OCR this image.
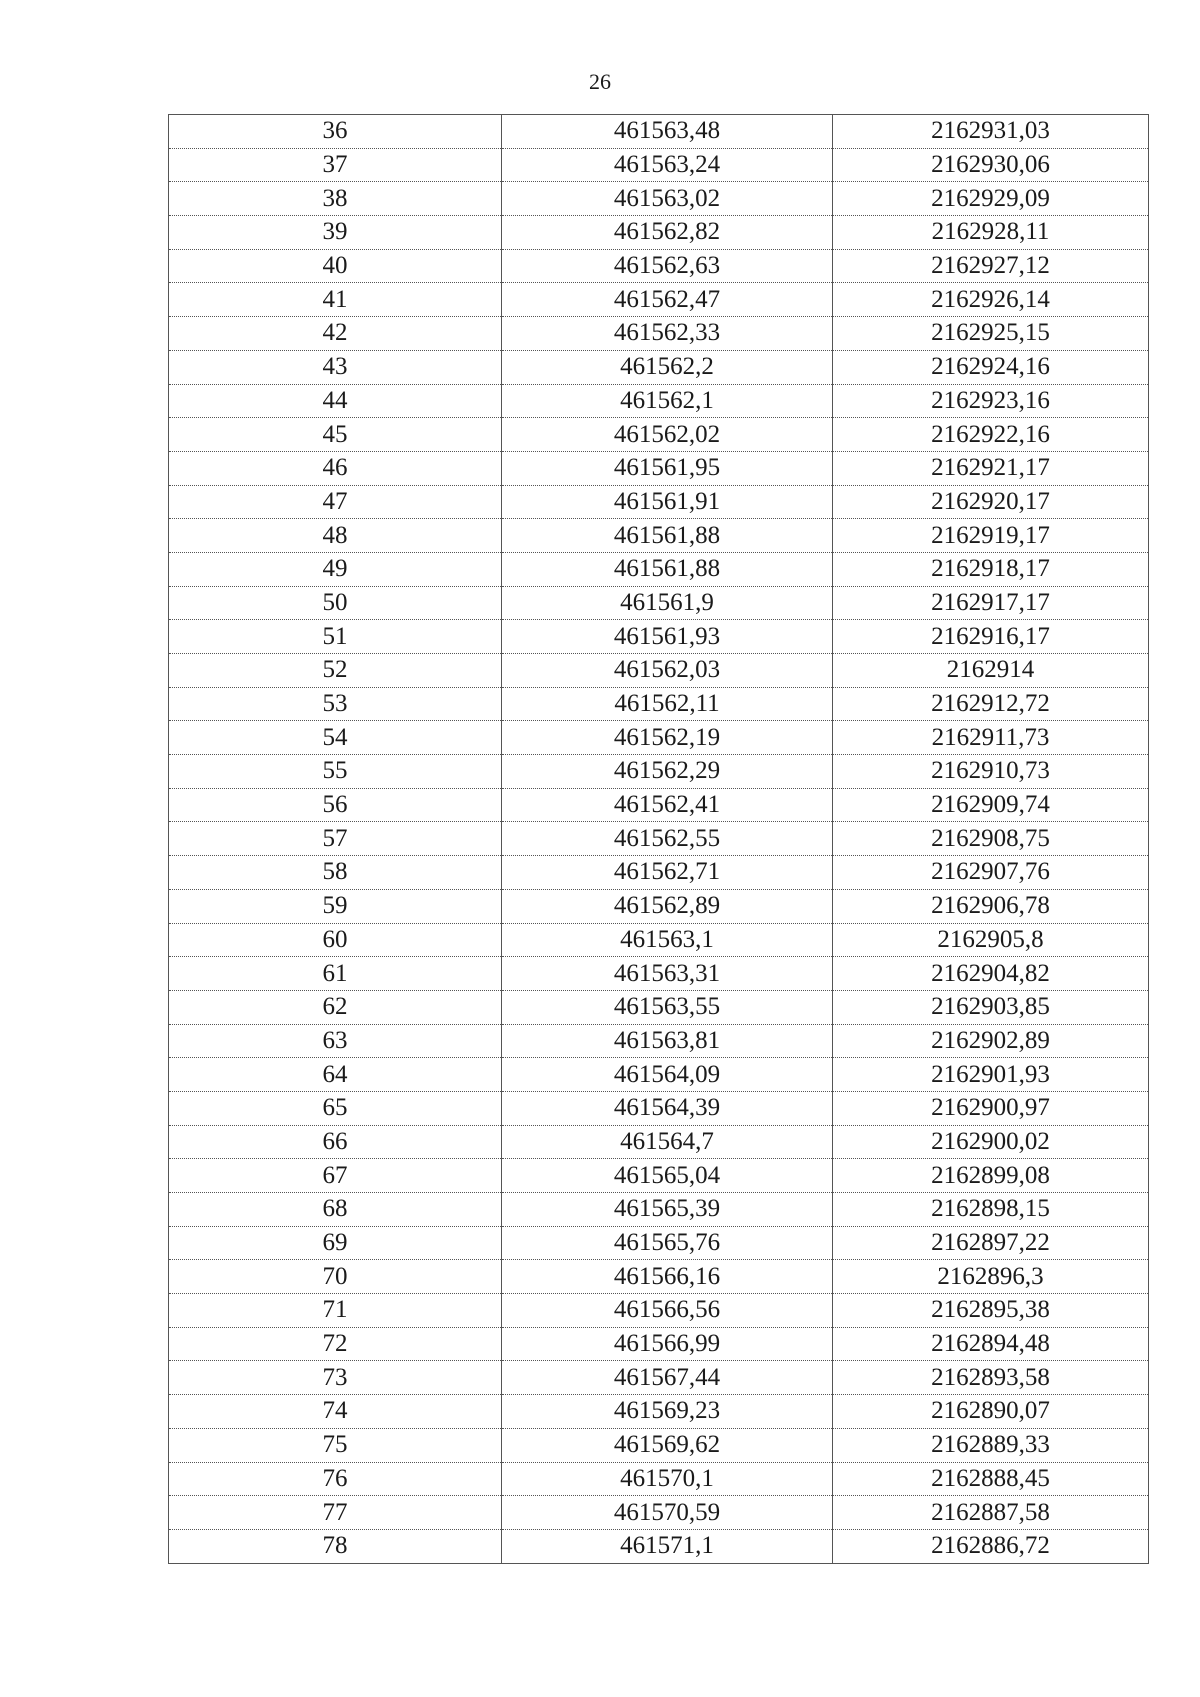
26
36	461563,48	2162931,03
37	461563,24	2162930,06
38	461563,02	2162929,09
39	461562,82	2162928,11
40	461562,63	2162927,12
41	461562,47	2162926,14
42	461562,33	2162925,15
43	461562,2	2162924,16
44	461562,1	2162923,16
45	461562,02	2162922,16
46	461561,95	2162921,17
47	461561,91	2162920,17
48	461561,88	2162919,17
49	461561,88	2162918,17
50	461561,9	2162917,17
51	461561,93	2162916,17
52	461562,03	2162914
53	461562,11	2162912,72
54	461562,19	2162911,73
55	461562,29	2162910,73
56	461562,41	2162909,74
57	461562,55	2162908,75
58	461562,71	2162907,76
59	461562,89	2162906,78
60	461563,1	2162905,8
61	461563,31	2162904,82
62	461563,55	2162903,85
63	461563,81	2162902,89
64	461564,09	2162901,93
65	461564,39	2162900,97
66	461564,7	2162900,02
67	461565,04	2162899,08
68	461565,39	2162898,15
69	461565,76	2162897,22
70	461566,16	2162896,3
71	461566,56	2162895,38
72	461566,99	2162894,48
73	461567,44	2162893,58
74	461569,23	2162890,07
75	461569,62	2162889,33
76	461570,1	2162888,45
77	461570,59	2162887,58
78	461571,1	2162886,72
